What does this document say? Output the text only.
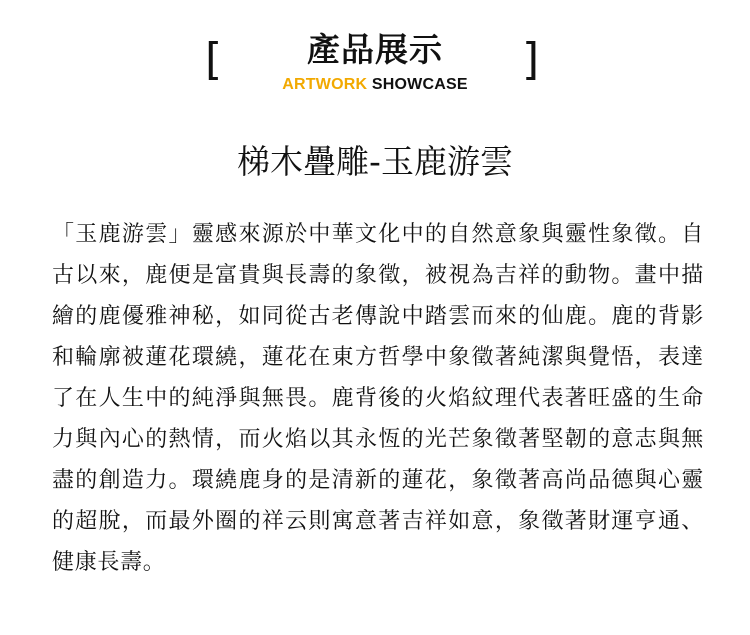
[	產品展示
ARTWORK SHOWCASE	]
梯木疊雕-玉鹿游雲
「玉鹿游雲」靈感來源於中華文化中的自然意象與靈性象徵。自古以來，鹿便是富貴與長壽的象徵，被視為吉祥的動物。畫中描繪的鹿優雅神秘，如同從古老傳說中踏雲而來的仙鹿。鹿的背影和輪廓被蓮花環繞，蓮花在東方哲學中象徵著純潔與覺悟，表達了在人生中的純淨與無畏。鹿背後的火焰紋理代表著旺盛的生命力與內心的熱情，而火焰以其永恆的光芒象徵著堅韌的意志與無盡的創造力。環繞鹿身的是清新的蓮花，象徵著高尚品德與心靈的超脫，而最外圈的祥云則寓意著吉祥如意，象徵著財運亨通、健康長壽。
